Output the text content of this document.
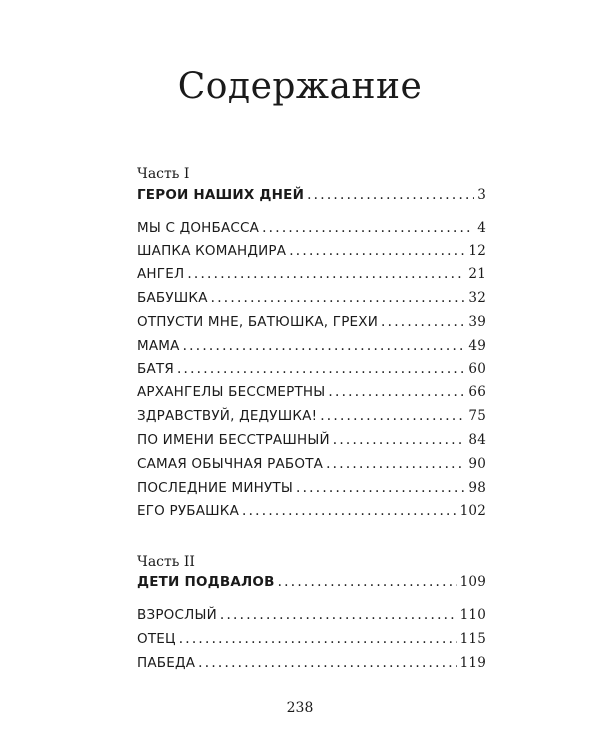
Содержание
Часть I
ГЕРОИ НАШИХ ДНЕЙ . . .	3
МЫ С ДОНБАССА . . .	4
ШАПКА КОМАНДИРА . . .	12
АНГЕЛ . . .	21
БАБУШКА . . .	32
ОТПУСТИ МНЕ, БАТЮШКА, ГРЕХИ . . .	39
МАМА . . .	49
БАТЯ . . .	60
АРХАНГЕЛЫ БЕССМЕРТНЫ . . .	66
ЗДРАВСТВУЙ, ДЕДУШКА! . . .	75
ПО ИМЕНИ БЕССТРАШНЫЙ . . .	84
САМАЯ ОБЫЧНАЯ РАБОТА . . .	90
ПОСЛЕДНИЕ МИНУТЫ . . .	98
ЕГО РУБАШКА . . .	102
Часть II
ДЕТИ ПОДВАЛОВ . . .	109
ВЗРОСЛЫЙ . . .	110
ОТЕЦ . . .	115
ПАБЕДА . . .	119
238
